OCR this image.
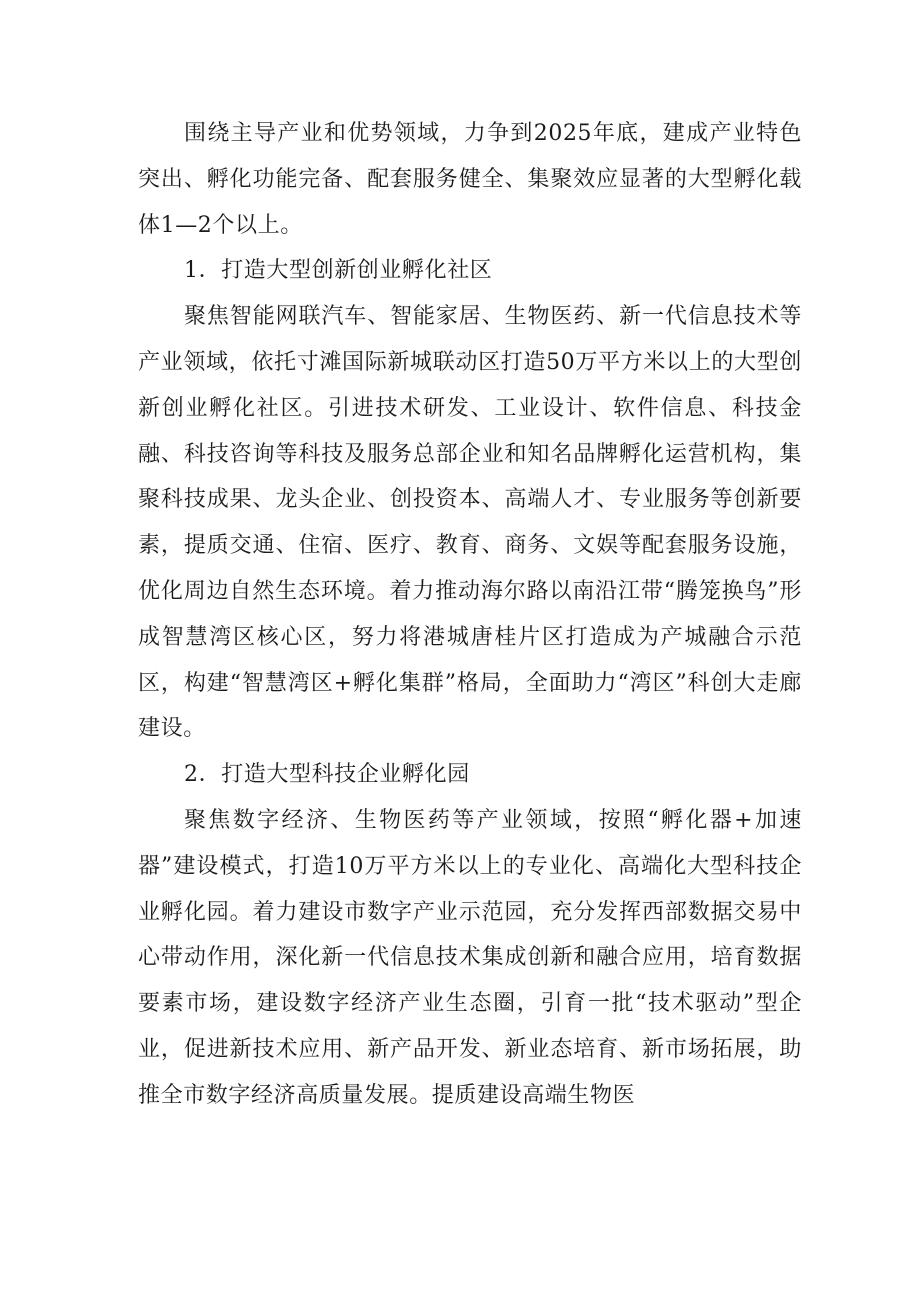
围绕主导产业和优势领域，力争到2025年底，建成产业特色突出、孵化功能完备、配套服务健全、集聚效应显著的大型孵化载体1—2个以上。

1．打造大型创新创业孵化社区

聚焦智能网联汽车、智能家居、生物医药、新一代信息技术等产业领域，依托寸滩国际新城联动区打造50万平方米以上的大型创新创业孵化社区。引进技术研发、工业设计、软件信息、科技金融、科技咨询等科技及服务总部企业和知名品牌孵化运营机构，集聚科技成果、龙头企业、创投资本、高端人才、专业服务等创新要素，提质交通、住宿、医疗、教育、商务、文娱等配套服务设施，优化周边自然生态环境。着力推动海尔路以南沿江带“腾笼换鸟”形成智慧湾区核心区，努力将港城唐桂片区打造成为产城融合示范区，构建“智慧湾区+孵化集群”格局，全面助力“湾区”科创大走廊建设。

2．打造大型科技企业孵化园

聚焦数字经济、生物医药等产业领域，按照“孵化器+加速器”建设模式，打造10万平方米以上的专业化、高端化大型科技企业孵化园。着力建设市数字产业示范园，充分发挥西部数据交易中心带动作用，深化新一代信息技术集成创新和融合应用，培育数据要素市场，建设数字经济产业生态圈，引育一批“技术驱动”型企业，促进新技术应用、新产品开发、新业态培育、新市场拓展，助推全市数字经济高质量发展。提质建设高端生物医
